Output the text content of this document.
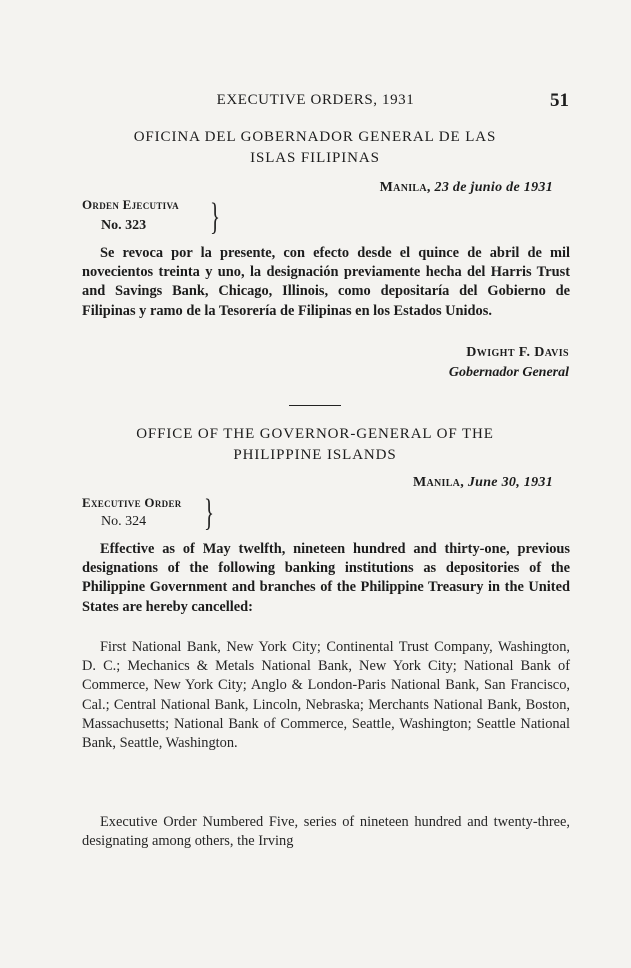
EXECUTIVE ORDERS, 1931	51
OFICINA DEL GOBERNADOR GENERAL DE LAS
ISLAS FILIPINAS
Manila, 23 de junio de 1931
Orden Ejecutiva
No. 323 }
Se revoca por la presente, con efecto desde el quince de abril de mil novecientos treinta y uno, la designación previamente hecha del Harris Trust and Savings Bank, Chicago, Illinois, como depositaría del Gobierno de Filipinas y ramo de la Tesorería de Filipinas en los Estados Unidos.
Dwight F. Davis
Gobernador General
OFFICE OF THE GOVERNOR-GENERAL OF THE
PHILIPPINE ISLANDS
Manila, June 30, 1931
Executive Order
No. 324 }
Effective as of May twelfth, nineteen hundred and thirty-one, previous designations of the following banking institutions as depositories of the Philippine Government and branches of the Philippine Treasury in the United States are hereby cancelled:
First National Bank, New York City; Continental Trust Company, Washington, D. C.; Mechanics & Metals National Bank, New York City; National Bank of Commerce, New York City; Anglo & London-Paris National Bank, San Francisco, Cal.; Central National Bank, Lincoln, Nebraska; Merchants National Bank, Boston, Massachusetts; National Bank of Commerce, Seattle, Washington; Seattle National Bank, Seattle, Washington.
Executive Order Numbered Five, series of nineteen hundred and twenty-three, designating among others, the Irving
